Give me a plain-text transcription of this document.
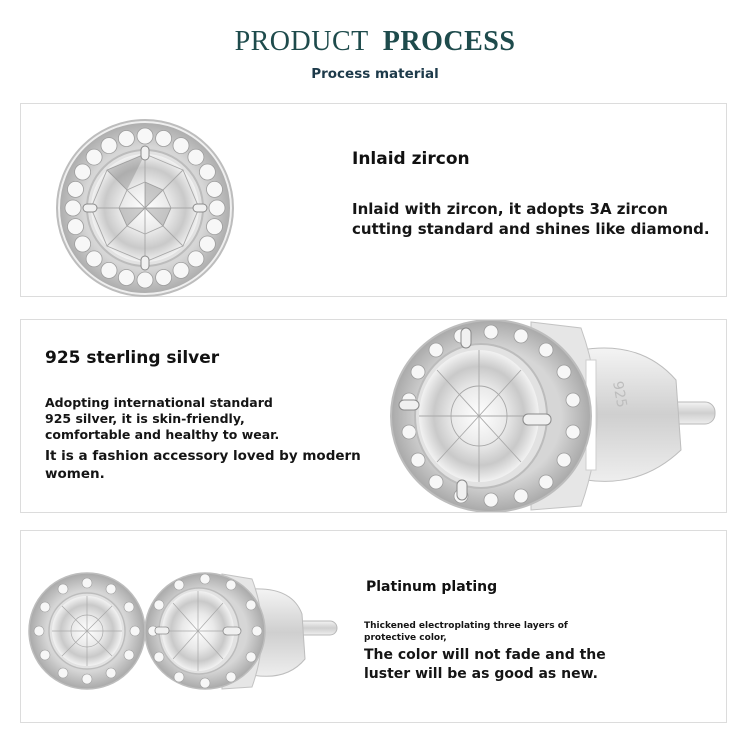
PRODUCT PROCESS
Process material
Inlaid zircon
Inlaid with zircon, it adopts 3A zircon
cutting standard and shines like diamond.
925 sterling silver
Adopting international standard
925 silver, it is skin-friendly,
comfortable and healthy to wear.
It is a fashion accessory loved by modern
women.
925
Platinum plating
Thickened electroplating three layers of
protective color,
The color will not fade and the
luster will be as good as new.
